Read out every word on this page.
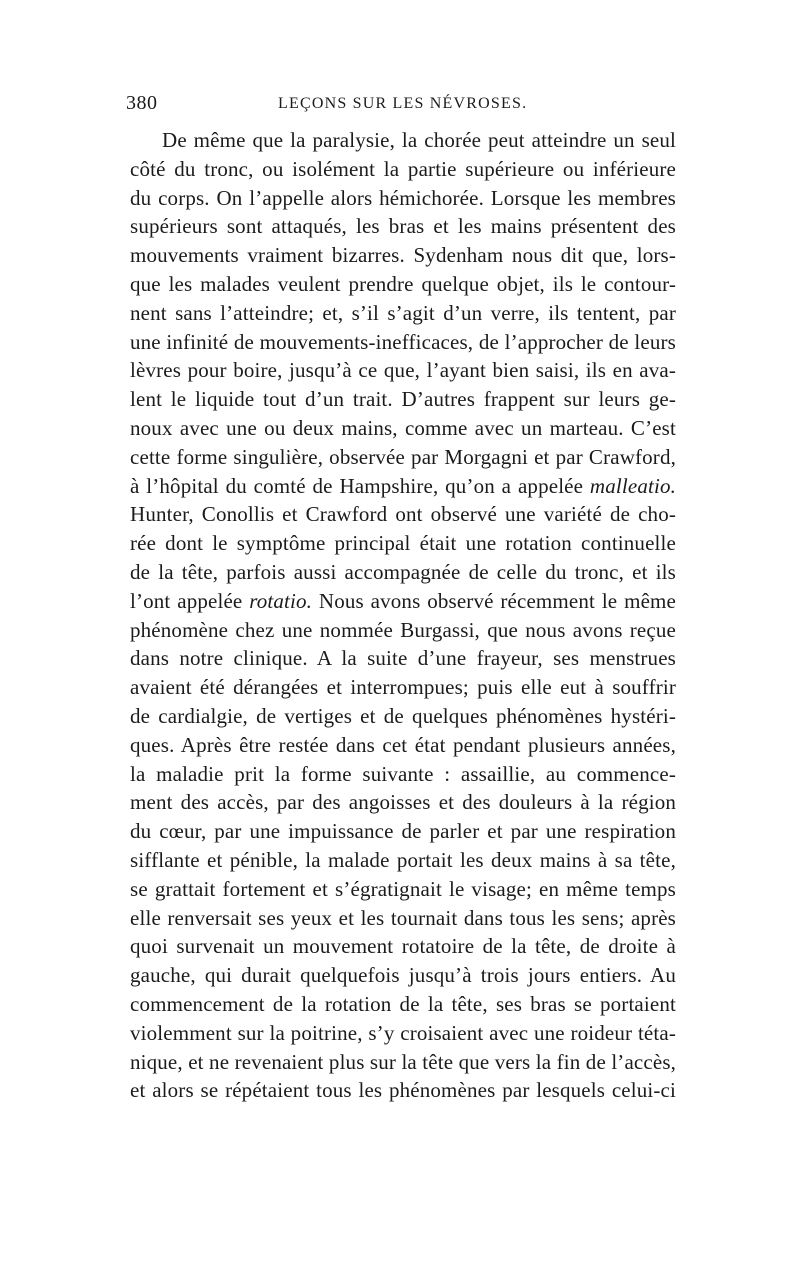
380	LEÇONS SUR LES NÉVROSES.
De même que la paralysie, la chorée peut atteindre un seul
côté du tronc, ou isolément la partie supérieure ou inférieure
du corps. On l’appelle alors hémichorée. Lorsque les membres
supérieurs sont attaqués, les bras et les mains présentent des
mouvements vraiment bizarres. Sydenham nous dit que, lors-
que les malades veulent prendre quelque objet, ils le contour-
nent sans l’atteindre; et, s’il s’agit d’un verre, ils tentent, par
une infinité de mouvements-inefficaces, de l’approcher de leurs
lèvres pour boire, jusqu’à ce que, l’ayant bien saisi, ils en ava-
lent le liquide tout d’un trait. D’autres frappent sur leurs ge-
noux avec une ou deux mains, comme avec un marteau. C’est
cette forme singulière, observée par Morgagni et par Crawford,
à l’hôpital du comté de Hampshire, qu’on a appelée malleatio.
Hunter, Conollis et Crawford ont observé une variété de cho-
rée dont le symptôme principal était une rotation continuelle
de la tête, parfois aussi accompagnée de celle du tronc, et ils
l’ont appelée rotatio. Nous avons observé récemment le même
phénomène chez une nommée Burgassi, que nous avons reçue
dans notre clinique. A la suite d’une frayeur, ses menstrues
avaient été dérangées et interrompues; puis elle eut à souffrir
de cardialgie, de vertiges et de quelques phénomènes hystéri-
ques. Après être restée dans cet état pendant plusieurs années,
la maladie prit la forme suivante : assaillie, au commence-
ment des accès, par des angoisses et des douleurs à la région
du cœur, par une impuissance de parler et par une respiration
sifflante et pénible, la malade portait les deux mains à sa tête,
se grattait fortement et s’égratignait le visage; en même temps
elle renversait ses yeux et les tournait dans tous les sens; après
quoi survenait un mouvement rotatoire de la tête, de droite à
gauche, qui durait quelquefois jusqu’à trois jours entiers. Au
commencement de la rotation de la tête, ses bras se portaient
violemment sur la poitrine, s’y croisaient avec une roideur téta-
nique, et ne revenaient plus sur la tête que vers la fin de l’accès,
et alors se répétaient tous les phénomènes par lesquels celui-ci
